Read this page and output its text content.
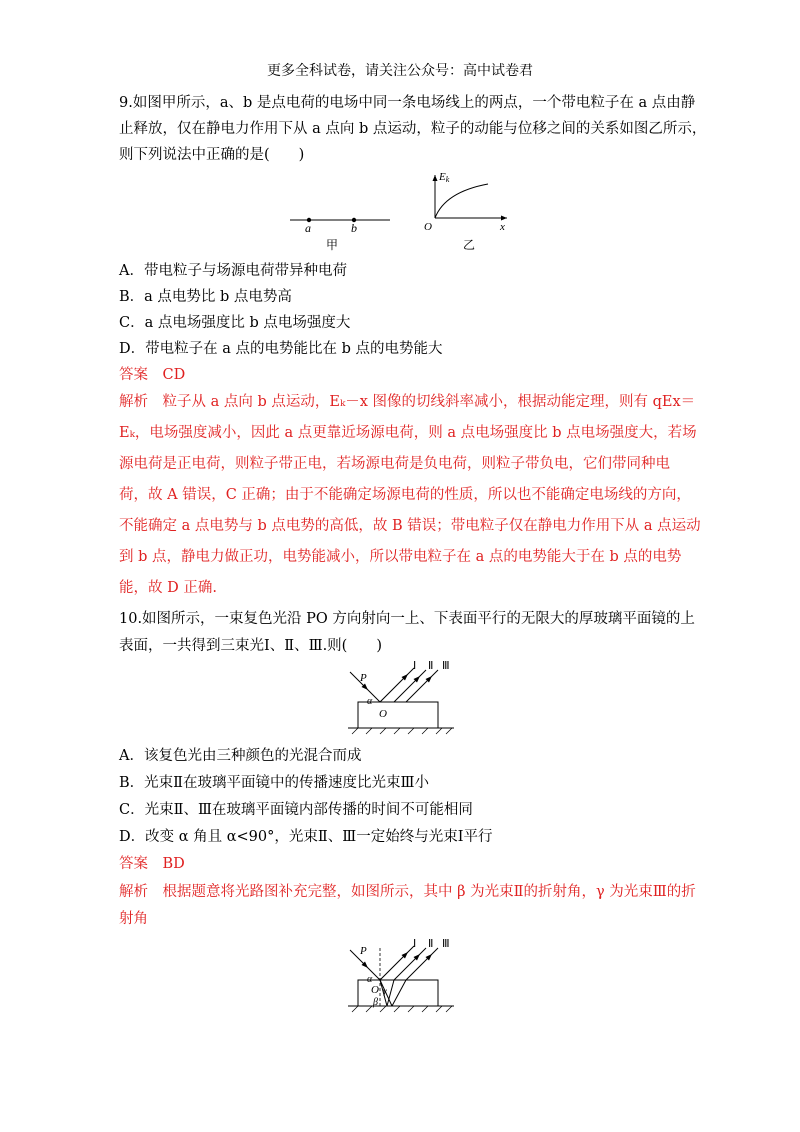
更多全科试卷，请关注公众号：高中试卷君
9.如图甲所示，a、b 是点电荷的电场中同一条电场线上的两点，一个带电粒子在 a 点由静
止释放，仅在静电力作用下从 a 点向 b 点运动，粒子的动能与位移之间的关系如图乙所示，
则下列说法中正确的是(　　)
a	b
甲
Ek
O	x
乙
A．带电粒子与场源电荷带异种电荷
B．a 点电势比 b 点电势高
C．a 点电场强度比 b 点电场强度大
D．带电粒子在 a 点的电势能比在 b 点的电势能大
答案　CD
解析　粒子从 a 点向 b 点运动，Eₖ－x 图像的切线斜率减小，根据动能定理，则有 qEx＝
Eₖ，电场强度减小，因此 a 点更靠近场源电荷，则 a 点电场强度比 b 点电场强度大，若场
源电荷是正电荷，则粒子带正电，若场源电荷是负电荷，则粒子带负电，它们带同种电
荷，故 A 错误，C 正确；由于不能确定场源电荷的性质，所以也不能确定电场线的方向，
不能确定 a 点电势与 b 点电势的高低，故 B 错误；带电粒子仅在静电力作用下从 a 点运动
到 b 点，静电力做正功，电势能减小，所以带电粒子在 a 点的电势能大于在 b 点的电势
能，故 D 正确.
10.如图所示，一束复色光沿 PO 方向射向一上、下表面平行的无限大的厚玻璃平面镜的上
表面，一共得到三束光Ⅰ、Ⅱ、Ⅲ.则(　　)
P
α
O
Ⅰ Ⅱ Ⅲ
A．该复色光由三种颜色的光混合而成
B．光束Ⅱ在玻璃平面镜中的传播速度比光束Ⅲ小
C．光束Ⅱ、Ⅲ在玻璃平面镜内部传播的时间不可能相同
D．改变 α 角且 α<90°，光束Ⅱ、Ⅲ一定始终与光束Ⅰ平行
答案　BD
解析　根据题意将光路图补充完整，如图所示，其中 β 为光束Ⅱ的折射角，γ 为光束Ⅲ的折
射角
P
α
O γ
β
Ⅰ Ⅱ Ⅲ
